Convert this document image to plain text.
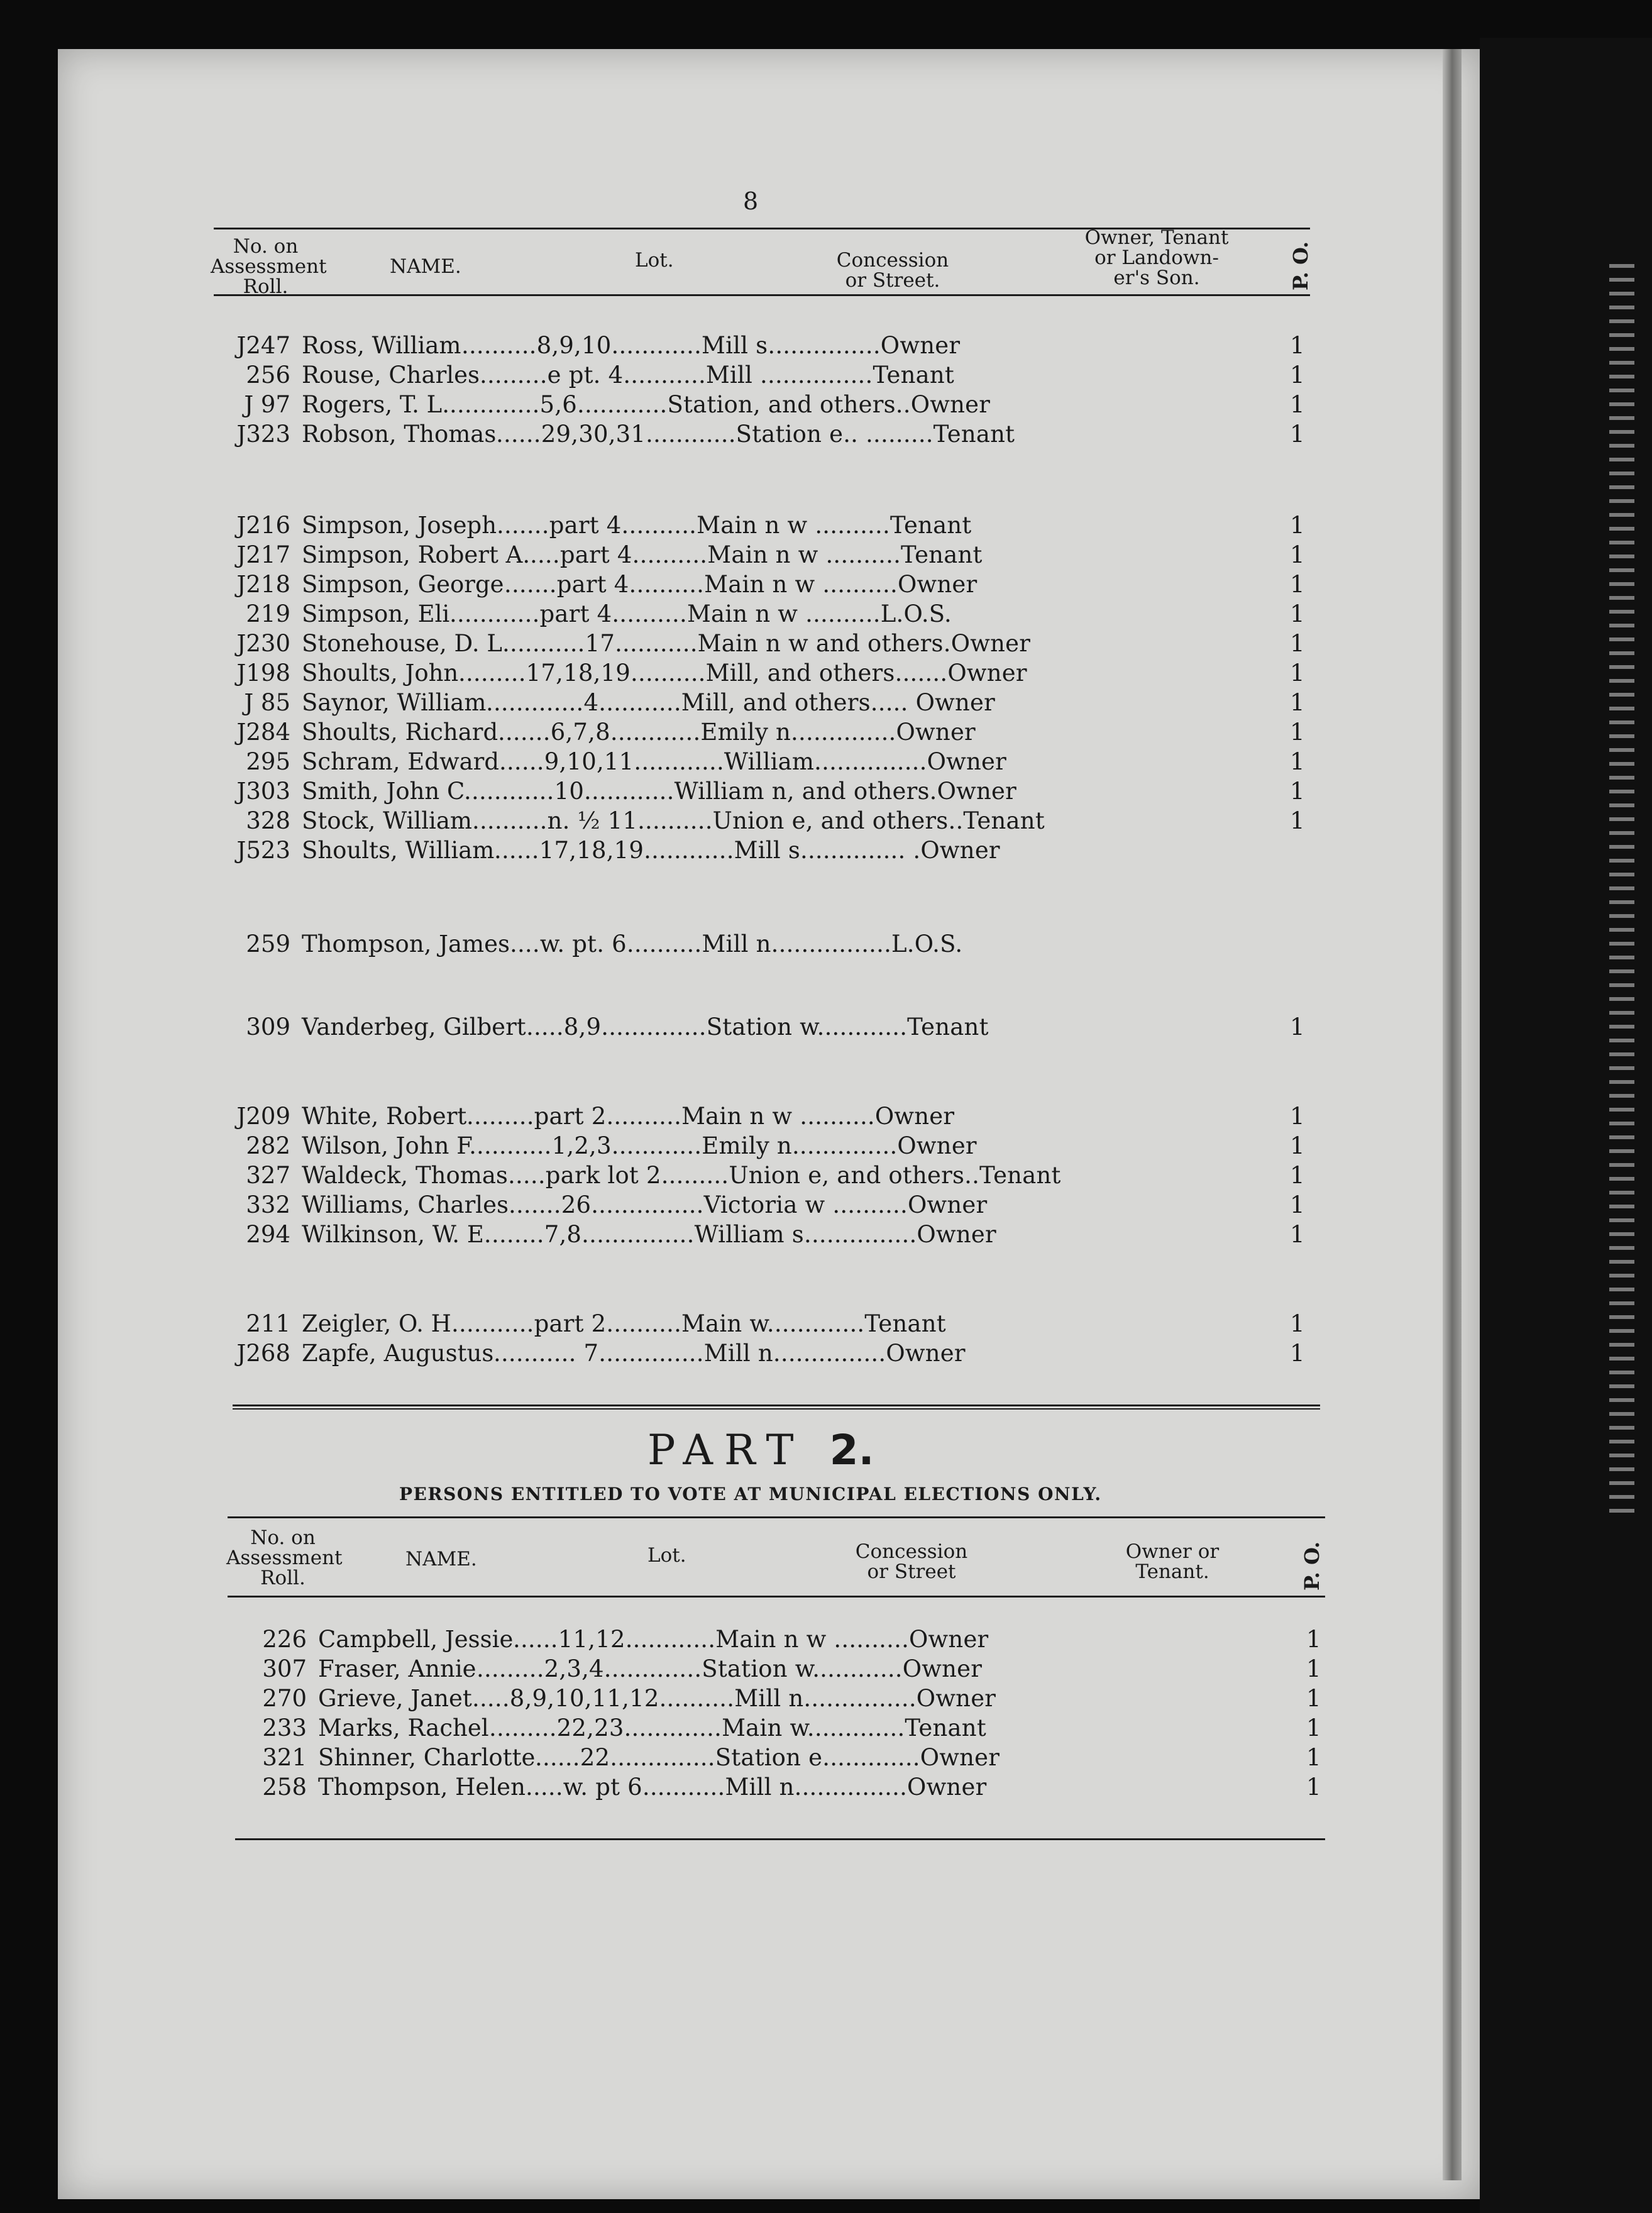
8
No. on
Assessment
Roll.
NAME.	Lot.	Concession
or Street.
Owner, Tenant
or Landown-
er's Son.	P. O.
J247 Ross, William ..........8,9,10............Mill s...............Owner	1
256 Rouse, Charles .........e pt. 4...........Mill ...............Tenant	1
J 97 Rogers, T. L. ............5,6............Station, and others..Owner	1
J323 Robson, Thomas ......29,30,31............Station e.. .........Tenant	1
J216 Simpson, Joseph .......part 4..........Main n w ..........Tenant	1
J217 Simpson, Robert A. ....part 4..........Main n w ..........Tenant	1
J218 Simpson, George .......part 4..........Main n w ..........Owner	1
219 Simpson, Eli ............part 4..........Main n w ..........L.O.S.	1
J230 Stonehouse, D. L. ..........17...........Main n w and others.Owner	1
J198 Shoults, John .........17,18,19..........Mill, and others.......Owner	1
J 85 Saynor, William .............4...........Mill, and others..... Owner	1
J284 Shoults, Richard .......6,7,8............Emily n..............Owner	1
295 Schram, Edward ......9,10,11............William...............Owner	1
J303 Smith, John C. ...........10............William n, and others.Owner	1
328 Stock, William ..........n. ½ 11..........Union e, and others..Tenant	1
J523 Shoults, William ......17,18,19............Mill s.............. .Owner
259 Thompson, James ....w. pt. 6..........Mill n................L.O.S.
309 Vanderbeg, Gilbert .....8,9..............Station w............Tenant	1
J209 White, Robert .........part 2..........Main n w ..........Owner	1
282 Wilson, John F. ..........1,2,3............Emily n..............Owner	1
327 Waldeck, Thomas .....park lot 2.........Union e, and others..Tenant	1
332 Williams, Charles .......26...............Victoria w ..........Owner	1
294 Wilkinson, W. E. .......7,8...............William s...............Owner	1
211 Zeigler, O. H. ..........part 2..........Main w.............Tenant	1
J268 Zapfe, Augustus ........... 7..............Mill n...............Owner	1
PART 2.
PERSONS ENTITLED TO VOTE AT MUNICIPAL ELECTIONS ONLY.
No. on
Assessment
Roll.
NAME.	Lot.	Concession
or Street
Owner or
Tenant.	P. O.
226 Campbell, Jessie ......11,12............Main n w ..........Owner	1
307 Fraser, Annie .........2,3,4.............Station w............Owner	1
270 Grieve, Janet .....8,9,10,11,12..........Mill n...............Owner	1
233 Marks, Rachel .........22,23.............Main w.............Tenant	1
321 Shinner, Charlotte ......22..............Station e.............Owner	1
258 Thompson, Helen .....w. pt 6...........Mill n...............Owner	1
